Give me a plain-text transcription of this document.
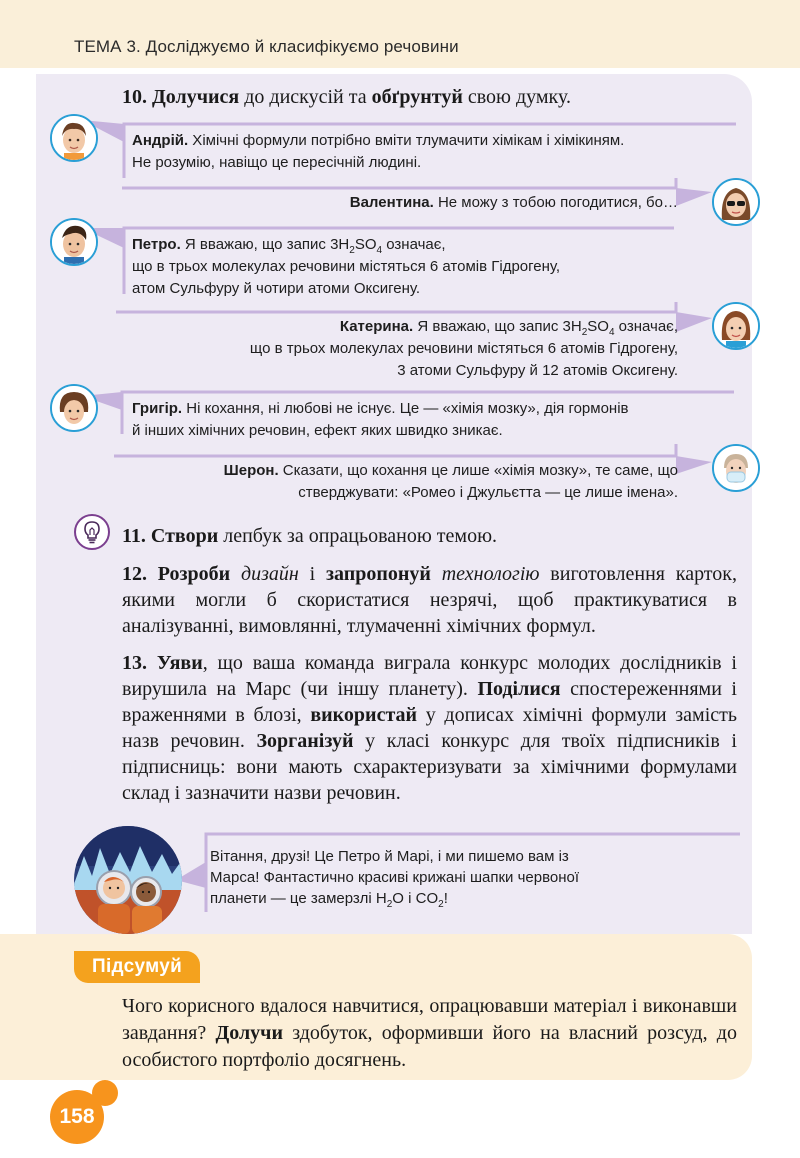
ТЕМА 3. Досліджуємо й класифікуємо речовини
10. Долучися до дискусій та обґрунтуй свою думку.
Андрій. Хімічні формули потрібно вміти тлумачити хімікам і хімікиням.
Не розумію, навіщо це пересічній людині.
Валентина. Не можу з тобою погодитися, бо…
Петро. Я вважаю, що запис $3H_2SO_4$ означає,
що в трьох молекулах речовини містяться 6 атомів Гідрогену,
атом Сульфуру й чотири атоми Оксигену.
Катерина. Я вважаю, що запис $3H_2SO_4$ означає,
що в трьох молекулах речовини містяться 6 атомів Гідрогену,
3 атоми Сульфуру й 12 атомів Оксигену.
Григір. Ні кохання, ні любові не існує. Це — «хімія мозку», дія гормонів
й інших хімічних речовин, ефект яких швидко зникає.
Шерон. Сказати, що кохання це лише «хімія мозку», те саме, що
стверджувати: «Ромео і Джульєтта — це лише імена».
11. Створи лепбук за опрацьованою темою.
12. Розроби дизайн і запропонуй технологію виготовлення карток, якими могли б скористатися незрячі, щоб практикуватися в аналізуванні, вимовлянні, тлумаченні хімічних формул.
13. Уяви, що ваша команда виграла конкурс молодих дослідників і вирушила на Марс (чи іншу планету). Поділися спостереженнями і враженнями в блозі, використай у дописах хімічні формули замість назв речовин. Зорганізуй у класі конкурс для твоїх підписників і підписниць: вони мають схарактеризувати за хімічними формулами склад і зазначити назви речовин.
Вітання, друзі! Це Петро й Марі, і ми пишемо вам із
Марса! Фантастично красиві крижані шапки червоної
планети — це замерзлі $H_2O$ і $CO_2$!
Підсумуй
Чого корисного вдалося навчитися, опрацювавши матеріал і виконавши завдання? Долучи здобуток, оформивши його на власний розсуд, до особистого портфоліо досягнень.
158
